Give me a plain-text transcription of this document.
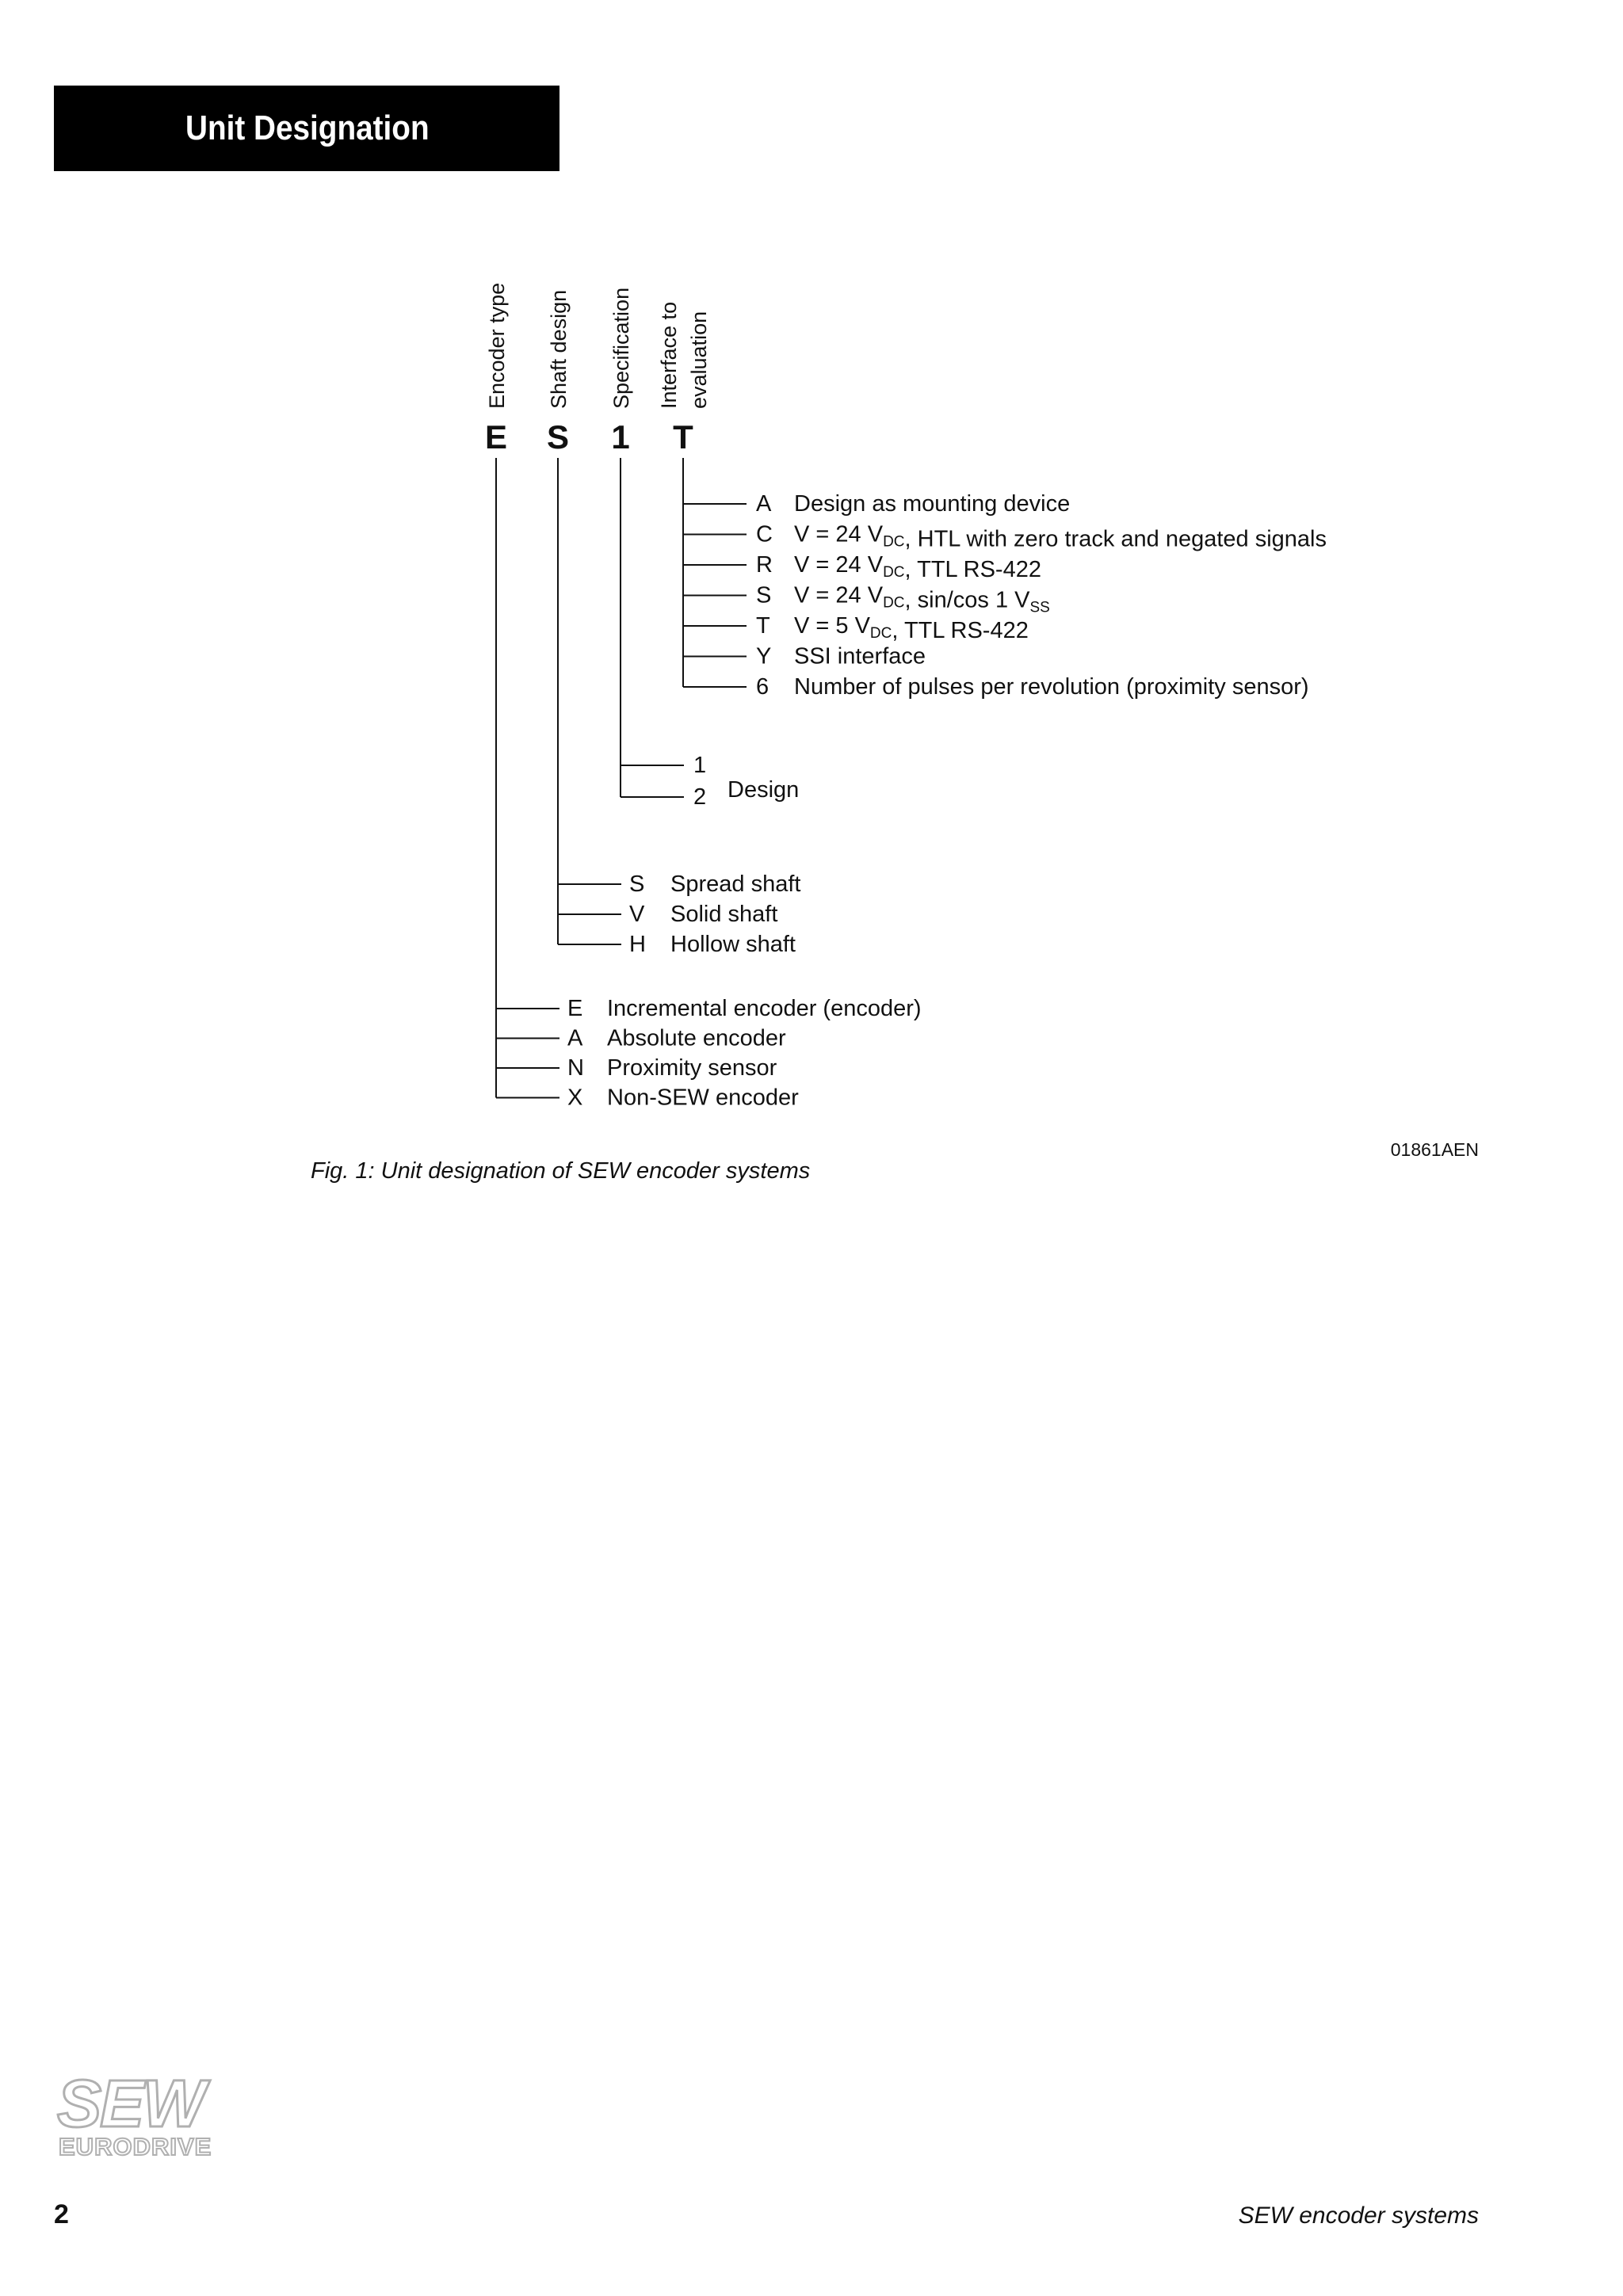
Unit Designation
Encoder type
E
Shaft design
S
Specification
1
Interface to evaluation
T
A Design as mounting device
C V = 24 $V_{DC}$, HTL with zero track and negated signals
R V = 24 $V_{DC}$, TTL RS-422
S V = 24 $V_{DC}$, sin/cos 1 $V_{SS}$
T V = 5 $V_{DC}$, TTL RS-422
Y SSI interface
6 Number of pulses per revolution (proximity sensor)
1
2 Design
S Spread shaft
V Solid shaft
H Hollow shaft
E Incremental encoder (encoder)
A Absolute encoder
N Proximity sensor
X Non-SEW encoder
01861AEN

Fig. 1: Unit designation of SEW encoder systems

SEW
EURODRIVE
2	SEW encoder systems
